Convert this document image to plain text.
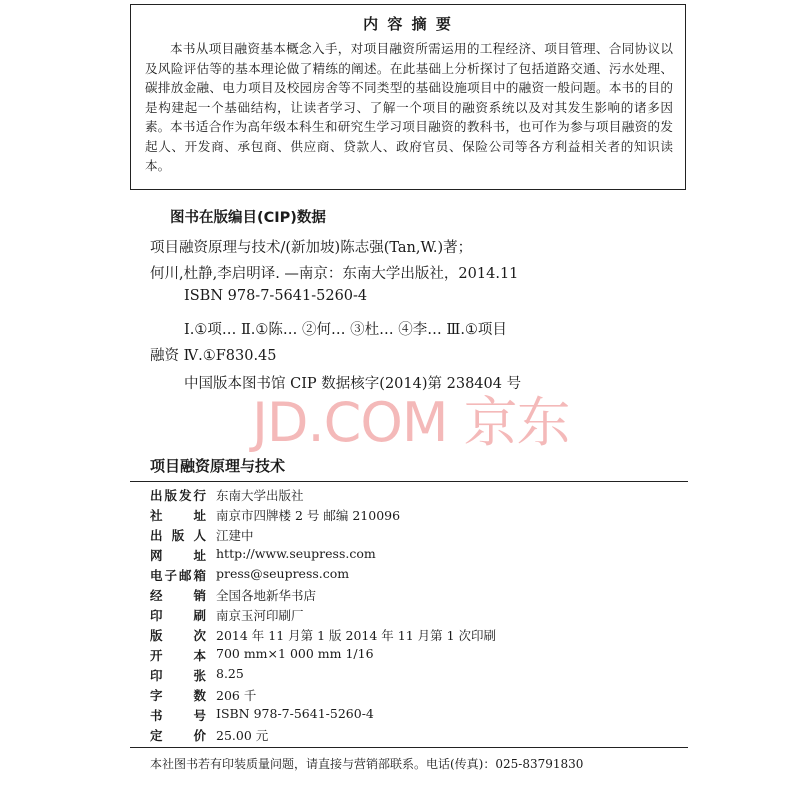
内 容 摘 要

本书从项目融资基本概念入手，对项目融资所需运用的工程经济、项目管理、合同协议以及风险评估等的基本理论做了精练的阐述。在此基础上分析探讨了包括道路交通、污水处理、碳排放金融、电力项目及校园房舍等不同类型的基础设施项目中的融资一般问题。本书的目的是构建起一个基础结构，让读者学习、了解一个项目的融资系统以及对其发生影响的诸多因素。 本书适合作为高年级本科生和研究生学习项目融资的教科书，也可作为参与项目融资的发起人、开发商、承包商、供应商、贷款人、政府官员、保险公司等各方利益相关者的知识读本。

图书在版编目(CIP)数据

项目融资原理与技术/(新加坡)陈志强(Tan,W.)著；

何川,杜静,李启明译. —南京：东南大学出版社，2014.11

ISBN 978-7-5641-5260-4

Ⅰ.①项… Ⅱ.①陈… ②何… ③杜… ④李… Ⅲ.①项目

融资 Ⅳ.①F830.45

中国版本图书馆 CIP 数据核字(2014)第 238404 号

JD.COM 京东
项目融资原理与技术
出版发行 东南大学出版社
社址 南京市四牌楼 2 号 邮编 210096
出版人 江建中
网址 http://www.seupress.com
电子邮箱 press@seupress.com
经销 全国各地新华书店
印刷 南京玉河印刷厂
版次 2014 年 11 月第 1 版 2014 年 11 月第 1 次印刷
开本 700 mm×1 000 mm 1/16
印张 8.25
字数 206 千
书号 ISBN 978-7-5641-5260-4
定价 25.00 元
本社图书若有印装质量问题，请直接与营销部联系。电话(传真)：025-83791830
